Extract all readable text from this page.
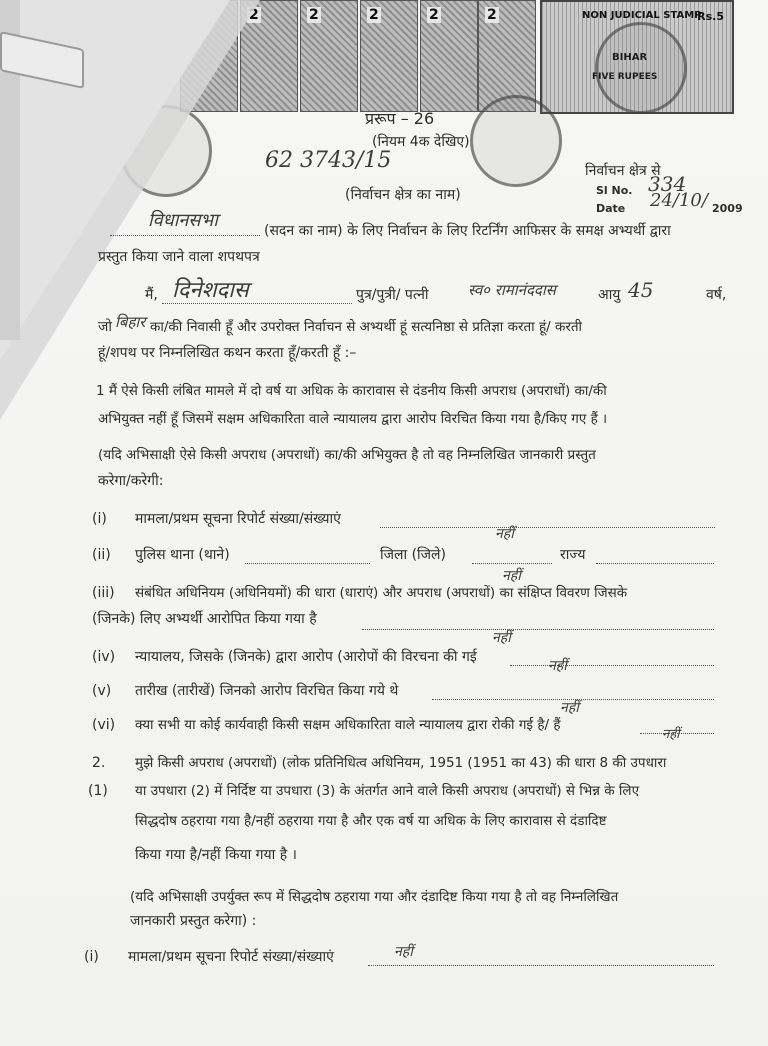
2	2	2	2	2	2	NON JUDICIAL STAMP
Rs.5
BIHAR
FIVE RUPEES
प्ररूप – 26
(नियम 4क देखिए)
62 3743/15	निर्वाचन क्षेत्र से
(निर्वाचन क्षेत्र का नाम)	Sl No. 334
Date 24/10/ 2009
विधानसभा	(सदन का नाम) के लिए निर्वाचन के लिए रिटर्निंग आफिसर के समक्ष अभ्यर्थी द्वारा
प्रस्तुत किया जाने वाला शपथपत्र
मैं, दिनेशदास	पुत्र/पुत्री/ पत्नी	स्व० रामानंददास	आयु 45	वर्ष,
जो बिहार का/की निवासी हूँ और उपरोक्त निर्वाचन से अभ्यर्थी हूं सत्यनिष्ठा से प्रतिज्ञा करता हूं/ करती
हूं/शपथ पर निम्नलिखित कथन करता हूँ/करती हूँ :–
1 मैं ऐसे किसी लंबित मामले में दो वर्ष या अधिक के कारावास से दंडनीय किसी अपराध (अपराधों) का/की
अभियुक्त नहीं हूँ जिसमें सक्षम अधिकारिता वाले न्यायालय द्वारा आरोप विरचित किया गया है/किए गए हैं ।
(यदि अभिसाक्षी ऐसे किसी अपराध (अपराधों) का/की अभियुक्त है तो वह निम्नलिखित जानकारी प्रस्तुत
करेगा/करेगी:
(i) मामला/प्रथम सूचना रिपोर्ट संख्या/संख्याएं
नहीं
(ii) पुलिस थाना (थाने)	जिला (जिले)	राज्य
नहीं
(iii) संबंधित अधिनियम (अधिनियमों) की धारा (धाराएं) और अपराध (अपराधों) का संक्षिप्त विवरण जिसके
(जिनके) लिए अभ्यर्थी आरोपित किया गया है
नहीं
(iv) न्यायालय, जिसके (जिनके) द्वारा आरोप (आरोपों की विरचना की गई
नहीं
(v) तारीख (तारीखें) जिनको आरोप विरचित किया गये थे
नहीं
(vi) क्या सभी या कोई कार्यवाही किसी सक्षम अधिकारिता वाले न्यायालय द्वारा रोकी गई है/ हैं
नहीं
2. मुझे किसी अपराध (अपराधों) (लोक प्रतिनिधित्व अधिनियम, 1951 (1951 का 43) की धारा 8 की उपधारा
(1) या उपधारा (2) में निर्दिष्ट या उपधारा (3) के अंतर्गत आने वाले किसी अपराध (अपराधों) से भिन्न के लिए
सिद्धदोष ठहराया गया है/नहीं ठहराया गया है और एक वर्ष या अधिक के लिए कारावास से दंडादिष्ट
किया गया है/नहीं किया गया है ।
(यदि अभिसाक्षी उपर्युक्त रूप में सिद्धदोष ठहराया गया और दंडादिष्ट किया गया है तो वह निम्नलिखित
जानकारी प्रस्तुत करेगा) :
(i) मामला/प्रथम सूचना रिपोर्ट संख्या/संख्याएं	नहीं
